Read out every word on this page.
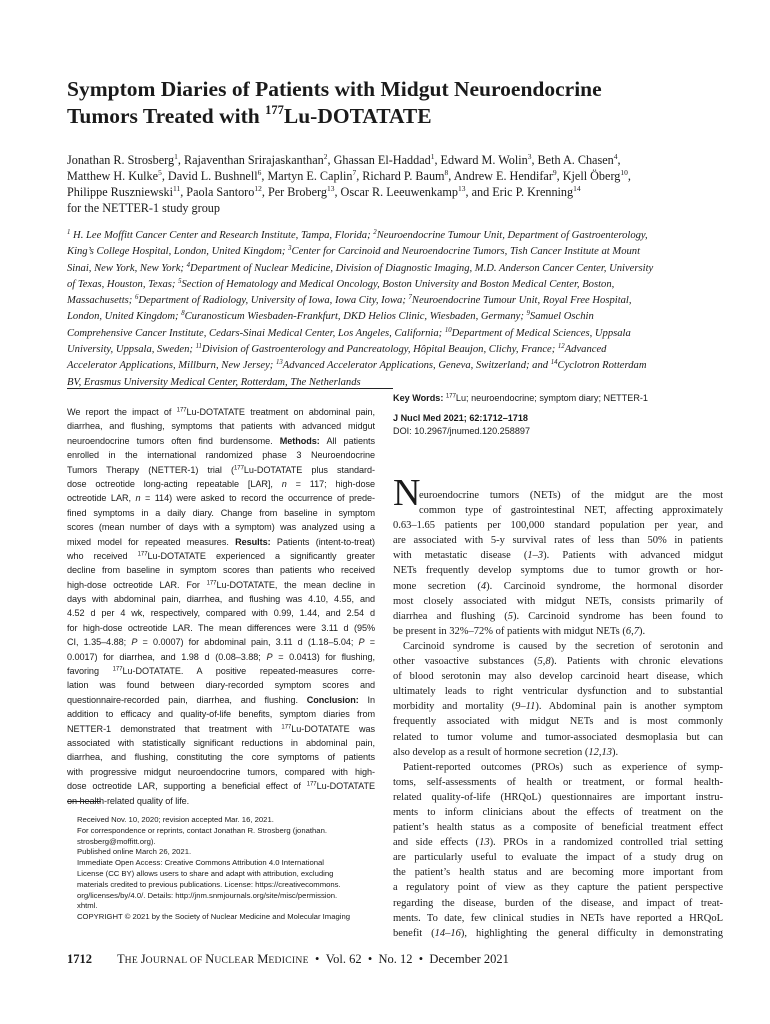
Symptom Diaries of Patients with Midgut Neuroendocrine
Tumors Treated with $^{177}$Lu-DOTATATE
Jonathan R. Strosberg$^1$, Rajaventhan Srirajaskanthan$^2$, Ghassan El-Haddad$^1$, Edward M. Wolin$^3$, Beth A. Chasen$^4$,
Matthew H. Kulke$^5$, David L. Bushnell$^6$, Martyn E. Caplin$^7$, Richard P. Baum$^8$, Andrew E. Hendifar$^9$, Kjell Öberg$^{10}$,
Philippe Ruszniewski$^{11}$, Paola Santoro$^{12}$, Per Broberg$^{13}$, Oscar R. Leeuwenkamp$^{13}$, and Eric P. Krenning$^{14}$
for the NETTER-1 study group
$^1$ H. Lee Moffitt Cancer Center and Research Institute, Tampa, Florida; $^2$Neuroendocrine Tumour Unit, Department of Gastroenterology,
King’s College Hospital, London, United Kingdom; $^3$Center for Carcinoid and Neuroendocrine Tumors, Tish Cancer Institute at Mount
Sinai, New York, New York; $^4$Department of Nuclear Medicine, Division of Diagnostic Imaging, M.D. Anderson Cancer Center, University
of Texas, Houston, Texas; $^5$Section of Hematology and Medical Oncology, Boston University and Boston Medical Center, Boston,
Massachusetts; $^6$Department of Radiology, University of Iowa, Iowa City, Iowa; $^7$Neuroendocrine Tumour Unit, Royal Free Hospital,
London, United Kingdom; $^8$Curanosticum Wiesbaden-Frankfurt, DKD Helios Clinic, Wiesbaden, Germany; $^9$Samuel Oschin
Comprehensive Cancer Institute, Cedars-Sinai Medical Center, Los Angeles, California; $^{10}$Department of Medical Sciences, Uppsala
University, Uppsala, Sweden; $^{11}$Division of Gastroenterology and Pancreatology, Hôpital Beaujon, Clichy, France; $^{12}$Advanced
Accelerator Applications, Millburn, New Jersey; $^{13}$Advanced Accelerator Applications, Geneva, Switzerland; and $^{14}$Cyclotron Rotterdam
BV, Erasmus University Medical Center, Rotterdam, The Netherlands
We report the impact of $^{177}$Lu-DOTATATE treatment on abdominal pain,
diarrhea, and flushing, symptoms that patients with advanced midgut
neuroendocrine tumors often find burdensome. Methods: All patients
enrolled in the international randomized phase 3 Neuroendocrine
Tumors Therapy (NETTER-1) trial ($^{177}$Lu-DOTATATE plus standard-
dose octreotide long-acting repeatable [LAR], n = 117; high-dose
octreotide LAR, n = 114) were asked to record the occurrence of prede-
fined symptoms in a daily diary. Change from baseline in symptom
scores (mean number of days with a symptom) was analyzed using a
mixed model for repeated measures. Results: Patients (intent-to-treat)
who received $^{177}$Lu-DOTATATE experienced a significantly greater
decline from baseline in symptom scores than patients who received
high-dose octreotide LAR. For $^{177}$Lu-DOTATATE, the mean decline in
days with abdominal pain, diarrhea, and flushing was 4.10, 4.55, and
4.52 d per 4 wk, respectively, compared with 0.99, 1.44, and 2.54 d
for high-dose octreotide LAR. The mean differences were 3.11 d (95%
CI, 1.35–4.88; P = 0.0007) for abdominal pain, 3.11 d (1.18–5.04; P =
0.0017) for diarrhea, and 1.98 d (0.08–3.88; P = 0.0413) for flushing,
favoring $^{177}$Lu-DOTATATE. A positive repeated-measures corre-
lation was found between diary-recorded symptom scores and
questionnaire-recorded pain, diarrhea, and flushing. Conclusion: In
addition to efficacy and quality-of-life benefits, symptom diaries from
NETTER-1 demonstrated that treatment with $^{177}$Lu-DOTATATE was
associated with statistically significant reductions in abdominal pain,
diarrhea, and flushing, constituting the core symptoms of patients
with progressive midgut neuroendocrine tumors, compared with high-
dose octreotide LAR, supporting a beneficial effect of $^{177}$Lu-DOTATATE
on health-related quality of life.
Received Nov. 10, 2020; revision accepted Mar. 16, 2021.
For correspondence or reprints, contact Jonathan R. Strosberg (jonathan.
strosberg@moffitt.org).
Published online March 26, 2021.
Immediate Open Access: Creative Commons Attribution 4.0 International
License (CC BY) allows users to share and adapt with attribution, excluding
materials credited to previous publications. License: https://creativecommons.
org/licenses/by/4.0/. Details: http://jnm.snmjournals.org/site/misc/permission.
xhtml.
COPYRIGHT © 2021 by the Society of Nuclear Medicine and Molecular Imaging
Key Words: $^{177}$Lu; neuroendocrine; symptom diary; NETTER-1
J Nucl Med 2021; 62:1712–1718
DOI: 10.2967/jnumed.120.258897
N
euroendocrine tumors (NETs) of the midgut are the most
common type of gastrointestinal NET, affecting approximately
0.63–1.65 patients per 100,000 standard population per year, and
are associated with 5-y survival rates of less than 50% in patients
with metastatic disease (1–3). Patients with advanced midgut
NETs frequently develop symptoms due to tumor growth or hor-
mone secretion (4). Carcinoid syndrome, the hormonal disorder
most closely associated with midgut NETs, consists primarily of
diarrhea and flushing (5). Carcinoid syndrome has been found to
be present in 32%–72% of patients with midgut NETs (6,7).
Carcinoid syndrome is caused by the secretion of serotonin and
other vasoactive substances (5,8). Patients with chronic elevations
of blood serotonin may also develop carcinoid heart disease, which
ultimately leads to right ventricular dysfunction and to substantial
morbidity and mortality (9–11). Abdominal pain is another symptom
frequently associated with midgut NETs and is most commonly
related to tumor volume and tumor-associated desmoplasia but can
also develop as a result of hormone secretion (12,13).
Patient-reported outcomes (PROs) such as experience of symp-
toms, self-assessments of health or treatment, or formal health-
related quality-of-life (HRQoL) questionnaires are important instru-
ments to inform clinicians about the effects of treatment on the
patient’s health status as a composite of beneficial treatment effect
and side effects (13). PROs in a randomized controlled trial setting
are particularly useful to evaluate the impact of a study drug on
the patient’s health status and are becoming more important from
a regulatory point of view as they capture the patient perspective
regarding the disease, burden of the disease, and impact of treat-
ments. To date, few clinical studies in NETs have reported a HRQoL
benefit (14–16), highlighting the general difficulty in demonstrating
1712 THE JOURNAL OF NUCLEAR MEDICINE • Vol. 62 • No. 12 • December 2021
